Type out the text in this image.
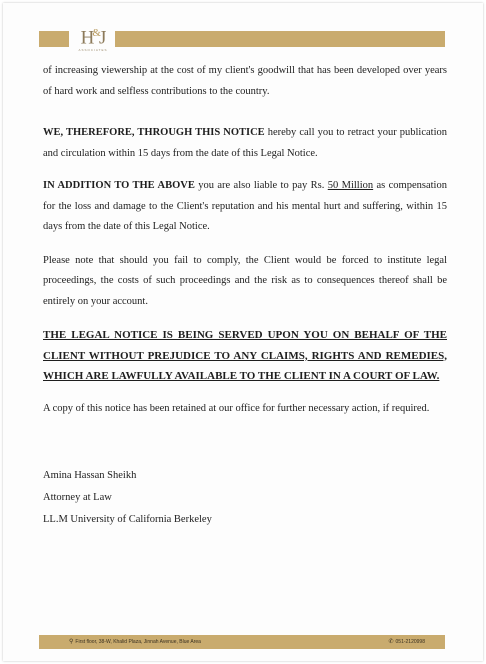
H&J
ASSOCIATES

of increasing viewership at the cost of my client's goodwill that has been developed over years of hard work and selfless contributions to the country.

WE, THEREFORE, THROUGH THIS NOTICE hereby call you to retract your publication and circulation within 15 days from the date of this Legal Notice.

IN ADDITION TO THE ABOVE you are also liable to pay Rs. 50 Million as compensation for the loss and damage to the Client's reputation and his mental hurt and suffering, within 15 days from the date of this Legal Notice.

Please note that should you fail to comply, the Client would be forced to institute legal proceedings, the costs of such proceedings and the risk as to consequences thereof shall be entirely on your account.

THE LEGAL NOTICE IS BEING SERVED UPON YOU ON BEHALF OF THE CLIENT WITHOUT PREJUDICE TO ANY CLAIMS, RIGHTS AND REMEDIES, WHICH ARE LAWFULLY AVAILABLE TO THE CLIENT IN A COURT OF LAW.

A copy of this notice has been retained at our office for further necessary action, if required.

Amina Hassan Sheikh
Attorney at Law
LL.M University of California Berkeley
⚲ First floor, 38-W, Khalid Plaza, Jinnah Avenue, Blue Area	✆ 051-2120998
